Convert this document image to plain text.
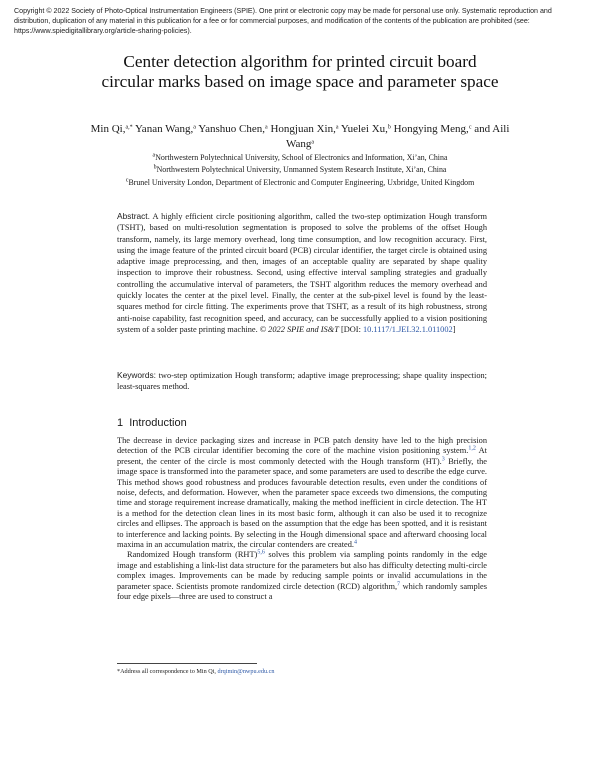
Copyright © 2022 Society of Photo-Optical Instrumentation Engineers (SPIE). One print or electronic copy may be made for personal use only. Systematic reproduction and distribution, duplication of any material in this publication for a fee or for commercial purposes, and modification of the contents of the publication are prohibited (see: https://www.spiedigitallibrary.org/article-sharing-policies).
Center detection algorithm for printed circuit board circular marks based on image space and parameter space
Min Qi,$^{a,*}$ Yanan Wang,$^a$ Yanshuo Chen,$^a$ Hongjuan Xin,$^a$ Yuelei Xu,$^b$ Hongying Meng,$^c$ and Aili Wang$^a$
$^a$Northwestern Polytechnical University, School of Electronics and Information, Xi’an, China
$^b$Northwestern Polytechnical University, Unmanned System Research Institute, Xi’an, China
$^c$Brunel University London, Department of Electronic and Computer Engineering, Uxbridge, United Kingdom
Abstract. A highly efficient circle positioning algorithm, called the two-step optimization Hough transform (TSHT), based on multi-resolution segmentation is proposed to solve the problems of the offset Hough transform, namely, its large memory overhead, long time consumption, and low recognition accuracy. First, using the image feature of the printed circuit board (PCB) circular identifier, the target circle is obtained using adaptive image preprocessing, and then, images of an acceptable quality are separated by shape quality inspection to improve their robustness. Second, using effective interval sampling strategies and gradually controlling the accumulative interval of parameters, the TSHT algorithm reduces the memory overhead and quickly locates the center at the pixel level. Finally, the center at the sub-pixel level is found by the least-squares method for circle fitting. The experiments prove that TSHT, as a result of its high robustness, strong anti-noise capability, fast recognition speed, and accuracy, can be successfully applied to a vision positioning system of a solder paste printing machine. © 2022 SPIE and IS&T [DOI: 10.1117/1.JEI.32.1.011002]
Keywords: two-step optimization Hough transform; adaptive image preprocessing; shape quality inspection; least-squares method.
1 Introduction

The decrease in device packaging sizes and increase in PCB patch density have led to the high precision detection of the PCB circular identifier becoming the core of the machine vision positioning system.$^{1,2}$ At present, the center of the circle is most commonly detected with the Hough transform (HT).$^3$ Briefly, the image space is transformed into the parameter space, and some parameters are used to describe the edge curve. This method shows good robustness and produces favourable detection results, even under the conditions of noise, defects, and deformation. However, when the parameter space exceeds two dimensions, the computing time and storage requirement increase dramatically, making the method inefficient in circle detection. The HT is a method for the detection clean lines in its most basic form, although it can also be used it to recognize circles and ellipses. The approach is based on the assumption that the edge has been spotted, and it is resistant to interference and lacking points. By selecting in the Hough dimensional space and afterward choosing local maxima in an accumulation matrix, the circular contenders are created.$^4$

Randomized Hough transform (RHT)$^{5,6}$ solves this problem via sampling points randomly in the edge image and establishing a link-list data structure for the parameters but also has difficulty detecting multi-circle complex images. Improvements can be made by reducing sample points or invalid accumulations in the parameter space. Scientists promote randomized circle detection (RCD) algorithm,$^7$ which randomly samples four edge pixels—three are used to construct a

*Address all correspondence to Min Qi, drqimin@nwpu.edu.cn
